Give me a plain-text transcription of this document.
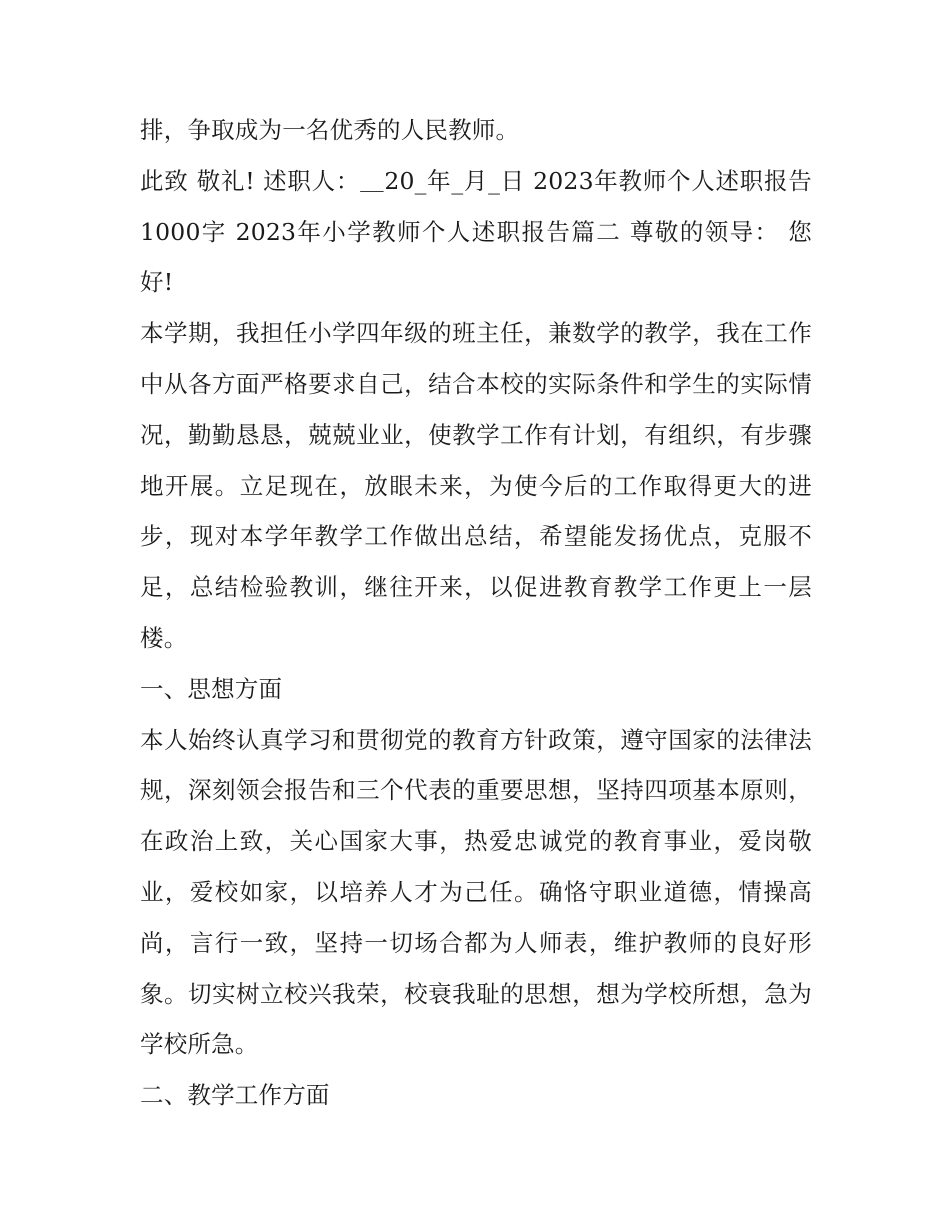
排，争取成为一名优秀的人民教师。

此致 敬礼! 述职人：＿20_年_月_日 2023年教师个人述职报告1000字 2023年小学教师个人述职报告篇二 尊敬的领导： 您好!

本学期，我担任小学四年级的班主任，兼数学的教学，我在工作中从各方面严格要求自己，结合本校的实际条件和学生的实际情况，勤勤恳恳，兢兢业业，使教学工作有计划，有组织，有步骤地开展。立足现在，放眼未来，为使今后的工作取得更大的进步，现对本学年教学工作做出总结，希望能发扬优点，克服不足，总结检验教训，继往开来，以促进教育教学工作更上一层楼。

一、思想方面

本人始终认真学习和贯彻党的教育方针政策，遵守国家的法律法规，深刻领会报告和三个代表的重要思想，坚持四项基本原则，在政治上致，关心国家大事，热爱忠诚党的教育事业，爱岗敬业，爱校如家，以培养人才为己任。确恪守职业道德，情操高尚，言行一致，坚持一切场合都为人师表，维护教师的良好形象。切实树立校兴我荣，校衰我耻的思想，想为学校所想，急为学校所急。

二、教学工作方面
